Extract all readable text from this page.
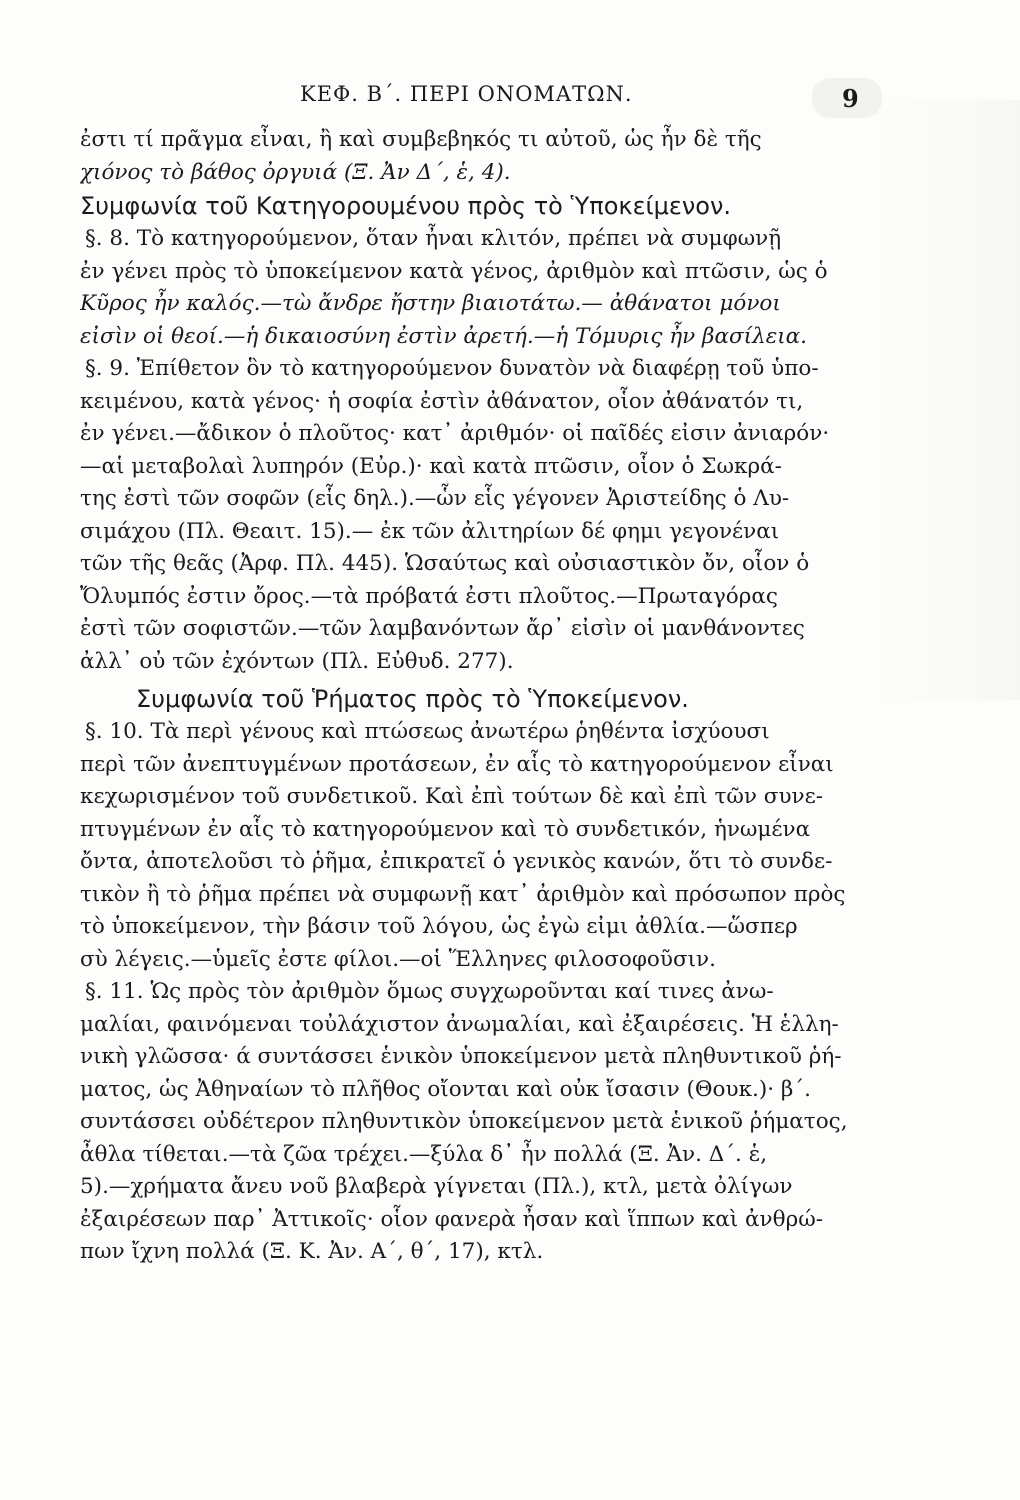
ΚΕΦ. Β΄. ΠΕΡΙ ΟΝΟΜΑΤΩΝ.	9
ἐστι τί πρᾶγμα εἶναι, ἢ καὶ συμβεβηκός τι αὐτοῦ, ὡς ἦν δὲ τῆς
χιόνος τὸ βάθος ὀργυιά (Ξ. Ἀν Δ΄, ἑ, 4).
Συμφωνία τοῦ Κατηγορουμένου πρὸς τὸ Ὑποκείμενον.
§. 8. Τὸ κατηγορούμενον, ὅταν ἦναι κλιτόν, πρέπει νὰ συμφωνῇ
ἐν γένει πρὸς τὸ ὑποκείμενον κατὰ γένος, ἀριθμὸν καὶ πτῶσιν, ὡς ὁ
Κῦρος ἦν καλός.—τὼ ἄνδρε ἤστην βιαιοτάτω.— ἀθάνατοι μόνοι
εἰσὶν οἱ θεοί.—ἡ δικαιοσύνη ἐστὶν ἀρετή.—ἡ Τόμυρις ἦν βασίλεια.
§. 9. Ἐπίθετον ὃν τὸ κατηγορούμενον δυνατὸν νὰ διαφέρῃ τοῦ ὑπο-
κειμένου, κατὰ γένος· ἡ σοφία ἐστὶν ἀθάνατον, οἷον ἀθάνατόν τι,
ἐν γένει.—ἄδικον ὁ πλοῦτος· κατ᾽ ἀριθμόν· οἱ παῖδές εἰσιν ἀνιαρόν·
—αἱ μεταβολαὶ λυπηρόν (Εὐρ.)· καὶ κατὰ πτῶσιν, οἷον ὁ Σωκρά-
της ἐστὶ τῶν σοφῶν (εἷς δηλ.).—ὧν εἷς γέγονεν Ἀριστείδης ὁ Λυ-
σιμάχου (Πλ. Θεαιτ. 15).— ἐκ τῶν ἀλιτηρίων δέ φημι γεγονέναι
τῶν τῆς θεᾶς (Ἀρφ. Πλ. 445). Ὡσαύτως καὶ οὐσιαστικὸν ὄν, οἷον ὁ
Ὄλυμπός ἐστιν ὄρος.—τὰ πρόβατά ἐστι πλοῦτος.—Πρωταγόρας
ἐστὶ τῶν σοφιστῶν.—τῶν λαμβανόντων ἄρ᾽ εἰσὶν οἱ μανθάνοντες
ἀλλ᾽ οὐ τῶν ἐχόντων (Πλ. Εὐθυδ. 277).
Συμφωνία τοῦ Ῥήματος πρὸς τὸ Ὑποκείμενον.
§. 10. Τὰ περὶ γένους καὶ πτώσεως ἀνωτέρω ῥηθέντα ἰσχύουσι
περὶ τῶν ἀνεπτυγμένων προτάσεων, ἐν αἷς τὸ κατηγορούμενον εἶναι
κεχωρισμένον τοῦ συνδετικοῦ. Καὶ ἐπὶ τούτων δὲ καὶ ἐπὶ τῶν συνε-
πτυγμένων ἐν αἷς τὸ κατηγορούμενον καὶ τὸ συνδετικόν, ἡνωμένα
ὄντα, ἀποτελοῦσι τὸ ῥῆμα, ἐπικρατεῖ ὁ γενικὸς κανών, ὅτι τὸ συνδε-
τικὸν ἢ τὸ ῥῆμα πρέπει νὰ συμφωνῇ κατ᾽ ἀριθμὸν καὶ πρόσωπον πρὸς
τὸ ὑποκείμενον, τὴν βάσιν τοῦ λόγου, ὡς ἐγὼ εἰμι ἀθλία.—ὥσπερ
σὺ λέγεις.—ὑμεῖς ἐστε φίλοι.—οἱ Ἕλληνες φιλοσοφοῦσιν.
§. 11. Ὡς πρὸς τὸν ἀριθμὸν ὅμως συγχωροῦνται καί τινες ἀνω-
μαλίαι, φαινόμεναι τοὐλάχιστον ἀνωμαλίαι, καὶ ἐξαιρέσεις. Ἡ ἑλλη-
νικὴ γλῶσσα· ά συντάσσει ἑνικὸν ὑποκείμενον μετὰ πληθυντικοῦ ῥή-
ματος, ὡς Ἀθηναίων τὸ πλῆθος οἴονται καὶ οὐκ ἴσασιν (Θουκ.)· β΄.
συντάσσει οὐδέτερον πληθυντικὸν ὑποκείμενον μετὰ ἑνικοῦ ῥήματος,
ἆθλα τίθεται.—τὰ ζῶα τρέχει.—ξύλα δ᾽ ἦν πολλά (Ξ. Ἀν. Δ΄. ἑ,
5).—χρήματα ἄνευ νοῦ βλαβερὰ γίγνεται (Πλ.), κτλ, μετὰ ὀλίγων
ἐξαιρέσεων παρ᾽ Ἀττικοῖς· οἷον φανερὰ ἦσαν καὶ ἵππων καὶ ἀνθρώ-
πων ἴχνη πολλά (Ξ. Κ. Ἀν. Α΄, θ΄, 17), κτλ.
